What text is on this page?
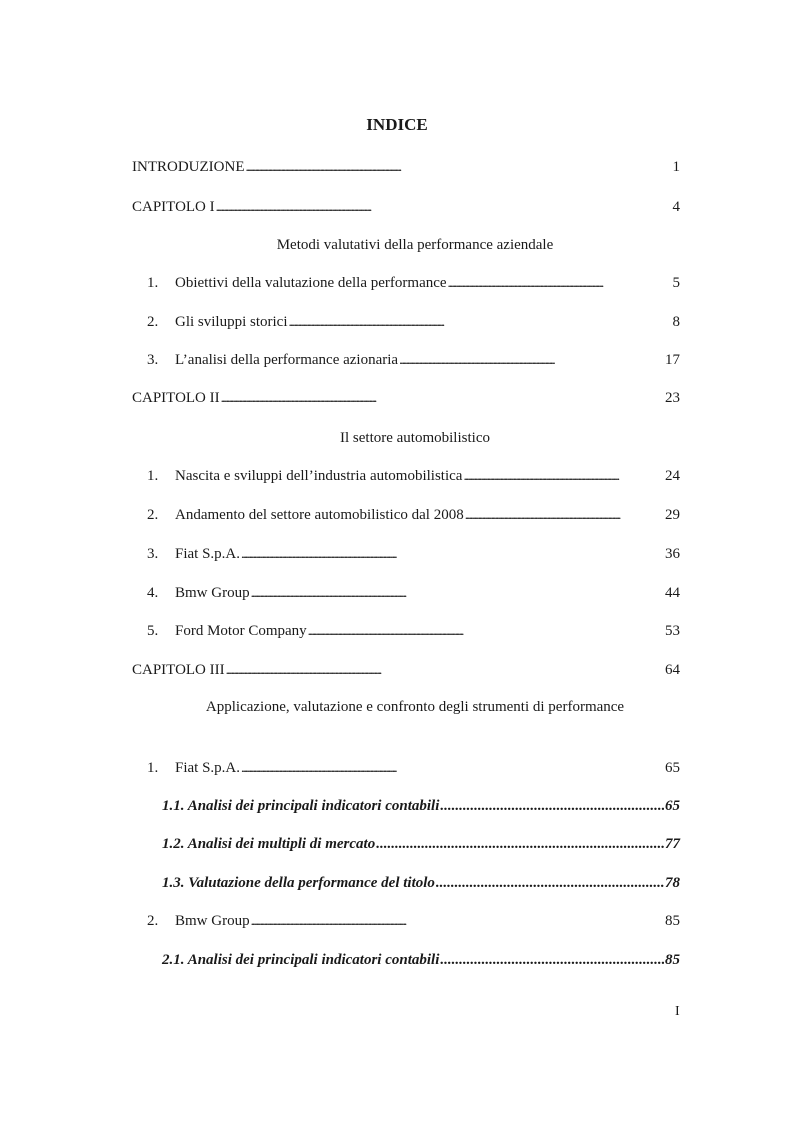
INDICE
INTRODUZIONE . . .	1
CAPITOLO I . . .	4
Metodi valutativi della performance aziendale
1.	Obiettivi della valutazione della performance . . .	5
2.	Gli sviluppi storici . . .	8
3.	L’analisi della performance azionaria . . .	17
CAPITOLO II . . .	23
Il settore automobilistico
1.	Nascita e sviluppi dell’industria automobilistica . . .	24
2.	Andamento del settore automobilistico dal 2008 . . .	29
3.	Fiat S.p.A. . . .	36
4.	Bmw Group . . .	44
5.	Ford Motor Company . . .	53
CAPITOLO III . . .	64
Applicazione, valutazione e confronto degli strumenti di performance
1.	Fiat S.p.A. . . .	65
1.1. Analisi dei principali indicatori contabili .....	65
1.2. Analisi dei multipli di mercato .....	77
1.3. Valutazione della performance del titolo .....	78
2.	Bmw Group . . .	85
2.1. Analisi dei principali indicatori contabili .....	85
I
